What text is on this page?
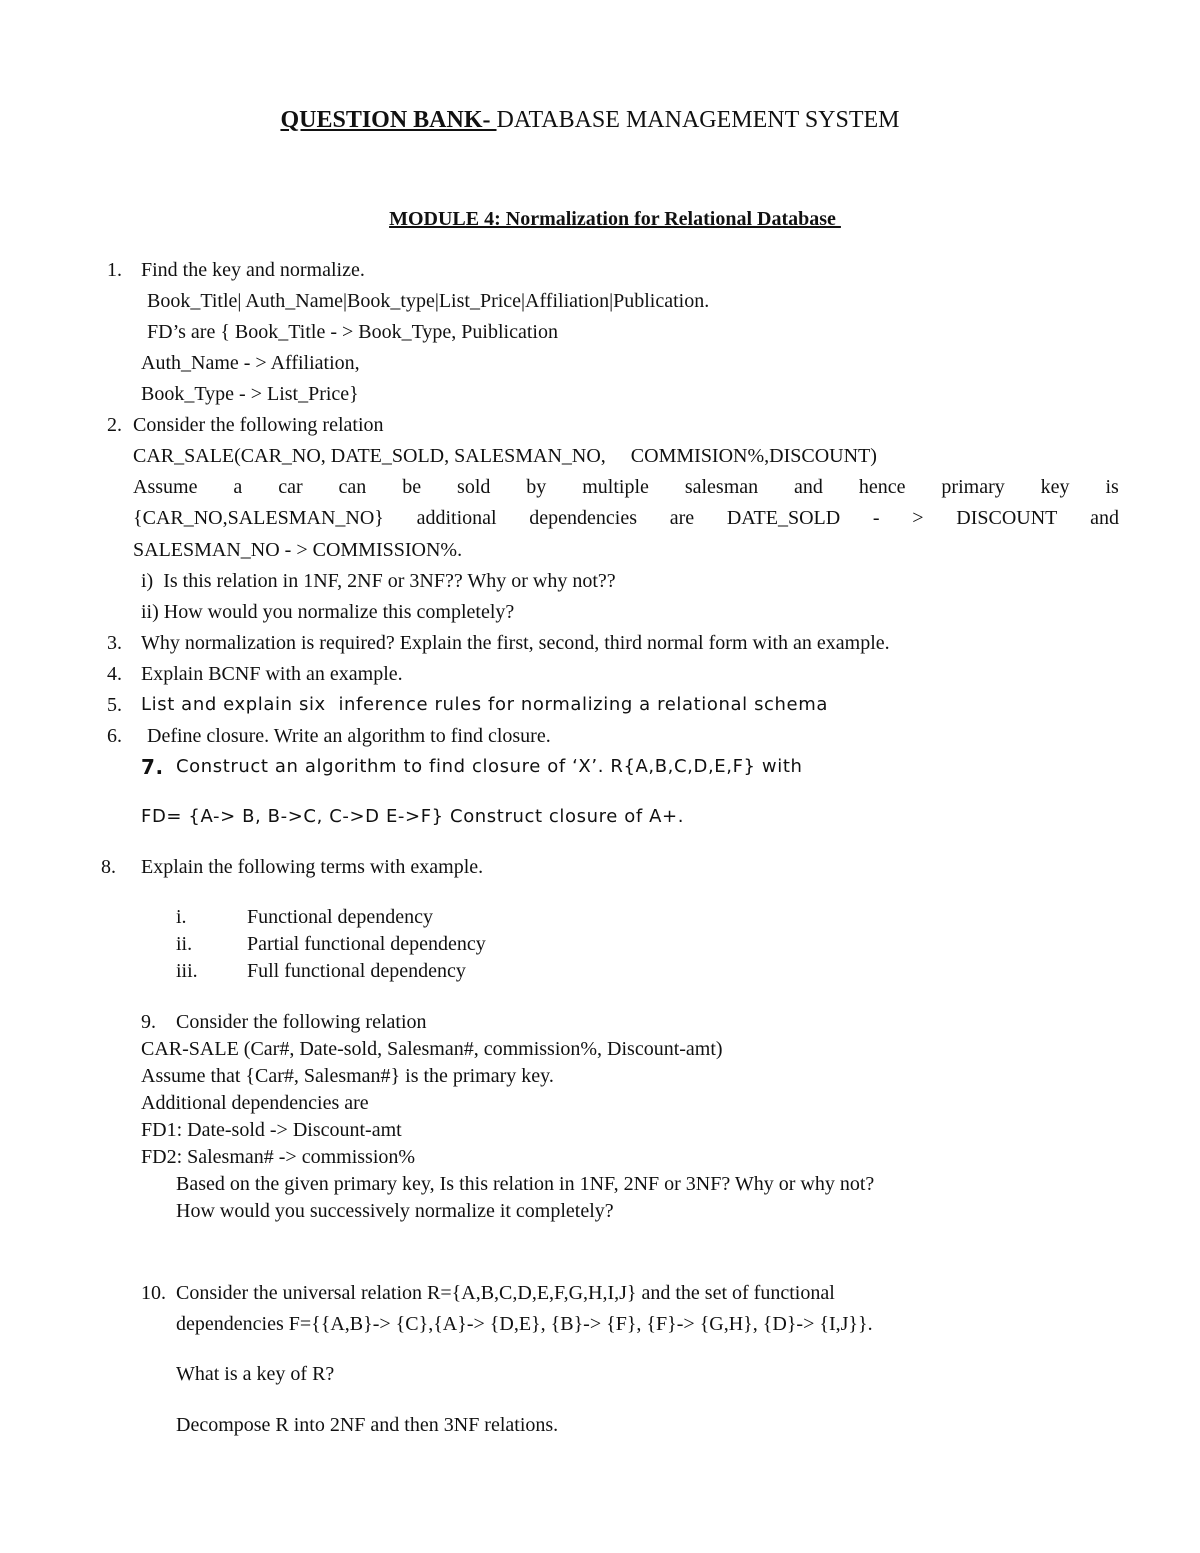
QUESTION BANK- DATABASE MANAGEMENT SYSTEM
MODULE 4: Normalization for Relational Database
1. Find the key and normalize.
Book_Title| Auth_Name|Book_type|List_Price|Affiliation|Publication.
FD’s are { Book_Title - > Book_Type, Puiblication
Auth_Name - > Affiliation,
Book_Type - > List_Price}
2. Consider the following relation
CAR_SALE(CAR_NO, DATE_SOLD, SALESMAN_NO,     COMMISION%,DISCOUNT)
Assume a car can be sold by multiple salesman and hence primary key is
{CAR_NO,SALESMAN_NO} additional dependencies are DATE_SOLD - > DISCOUNT and
SALESMAN_NO - > COMMISSION%.
i)  Is this relation in 1NF, 2NF or 3NF?? Why or why not??
ii) How would you normalize this completely?
3. Why normalization is required? Explain the first, second, third normal form with an example.
4. Explain BCNF with an example.
5. List and explain six  inference rules for normalizing a relational schema
6. Define closure. Write an algorithm to find closure.
7. Construct an algorithm to find closure of ‘X’. R{A,B,C,D,E,F} with
FD= {A-> B, B->C, C->D E->F} Construct closure of A+.
8. Explain the following terms with example.
i.	Functional dependency
ii.	Partial functional dependency
iii. Full functional dependency
9. Consider the following relation
CAR-SALE (Car#, Date-sold, Salesman#, commission%, Discount-amt)
Assume that {Car#, Salesman#} is the primary key.
Additional dependencies are
FD1: Date-sold -> Discount-amt
FD2: Salesman# -> commission%
Based on the given primary key, Is this relation in 1NF, 2NF or 3NF? Why or why not?
How would you successively normalize it completely?
10. Consider the universal relation R={A,B,C,D,E,F,G,H,I,J} and the set of functional
dependencies F={{A,B}-> {C},{A}-> {D,E}, {B}-> {F}, {F}-> {G,H}, {D}-> {I,J}}.
What is a key of R?
Decompose R into 2NF and then 3NF relations.
